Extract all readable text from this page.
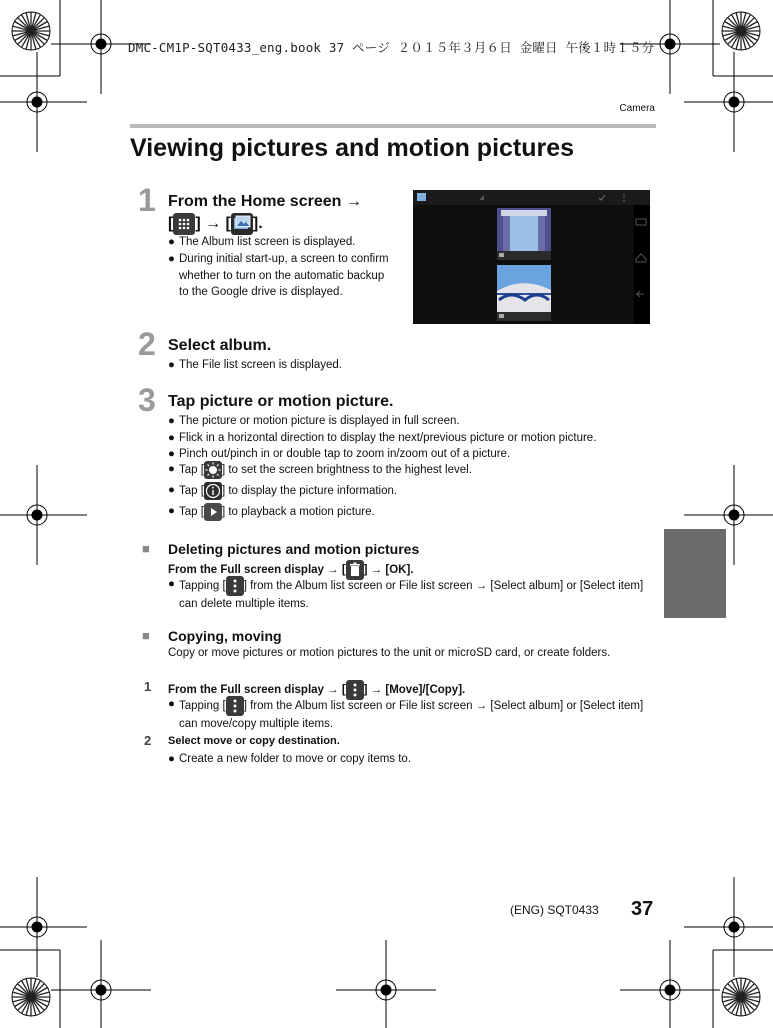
DMC-CM1P-SQT0433_eng.book 37 ページ ２０１５年３月６日 金曜日 午後１時１５分
Camera
Viewing pictures and motion pictures
1 From the Home screen →
[ ] → [ ].
● The Album list screen is displayed.
● During initial start-up, a screen to confirm whether to turn on the automatic backup to the Google drive is displayed.
2 Select album.
● The File list screen is displayed.
3 Tap picture or motion picture.
● The picture or motion picture is displayed in full screen.
● Flick in a horizontal direction to display the next/previous picture or motion picture.
● Pinch out/pinch in or double tap to zoom in/zoom out of a picture.
● Tap [ ] to set the screen brightness to the highest level.
● Tap [ ] to display the picture information.
● Tap [ ] to playback a motion picture.
■ Deleting pictures and motion pictures
From the Full screen display → [ ] → [OK].
● Tapping [ ] from the Album list screen or File list screen → [Select album] or [Select item] can delete multiple items.
■ Copying, moving
Copy or move pictures or motion pictures to the unit or microSD card, or create folders.
1 From the Full screen display → [ ] → [Move]/[Copy].
● Tapping [ ] from the Album list screen or File list screen → [Select album] or [Select item] can move/copy multiple items.
2 Select move or copy destination.
● Create a new folder to move or copy items to.
(ENG) SQT0433 37
